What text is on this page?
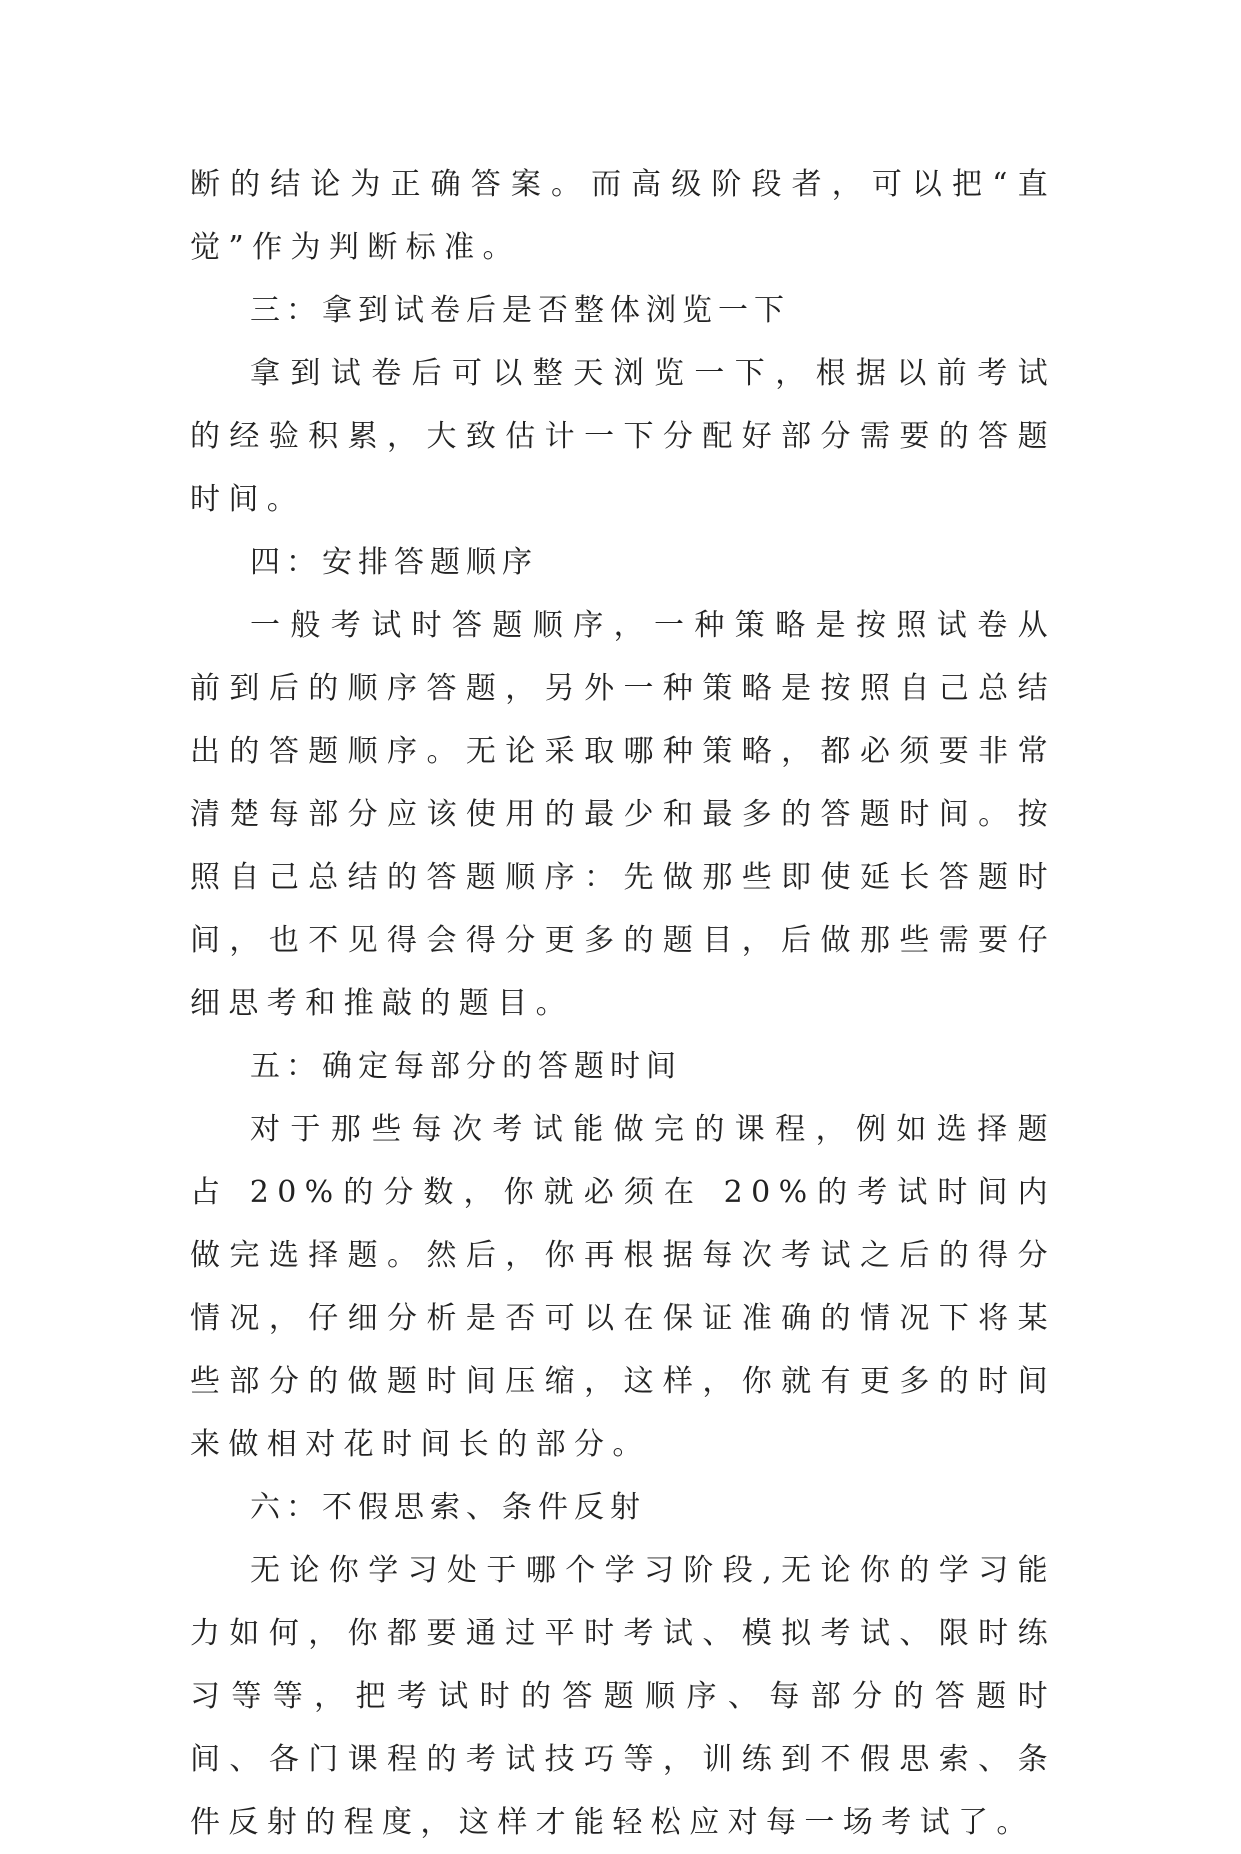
断的结论为正确答案。而高级阶段者，可以把“直觉”作为判断标准。

三：拿到试卷后是否整体浏览一下

拿到试卷后可以整天浏览一下，根据以前考试的经验积累，大致估计一下分配好部分需要的答题时间。

四：安排答题顺序

一般考试时答题顺序，一种策略是按照试卷从前到后的顺序答题，另外一种策略是按照自己总结出的答题顺序。无论采取哪种策略，都必须要非常清楚每部分应该使用的最少和最多的答题时间。按照自己总结的答题顺序：先做那些即使延长答题时间，也不见得会得分更多的题目，后做那些需要仔细思考和推敲的题目。

五：确定每部分的答题时间

对于那些每次考试能做完的课程，例如选择题占 20%的分数，你就必须在 20%的考试时间内做完选择题。然后，你再根据每次考试之后的得分情况，仔细分析是否可以在保证准确的情况下将某些部分的做题时间压缩，这样，你就有更多的时间来做相对花时间长的部分。

六：不假思索、条件反射

无论你学习处于哪个学习阶段,无论你的学习能力如何，你都要通过平时考试、模拟考试、限时练习等等，把考试时的答题顺序、每部分的答题时间、各门课程的考试技巧等，训练到不假思索、条件反射的程度，这样才能轻松应对每一场考试了。
